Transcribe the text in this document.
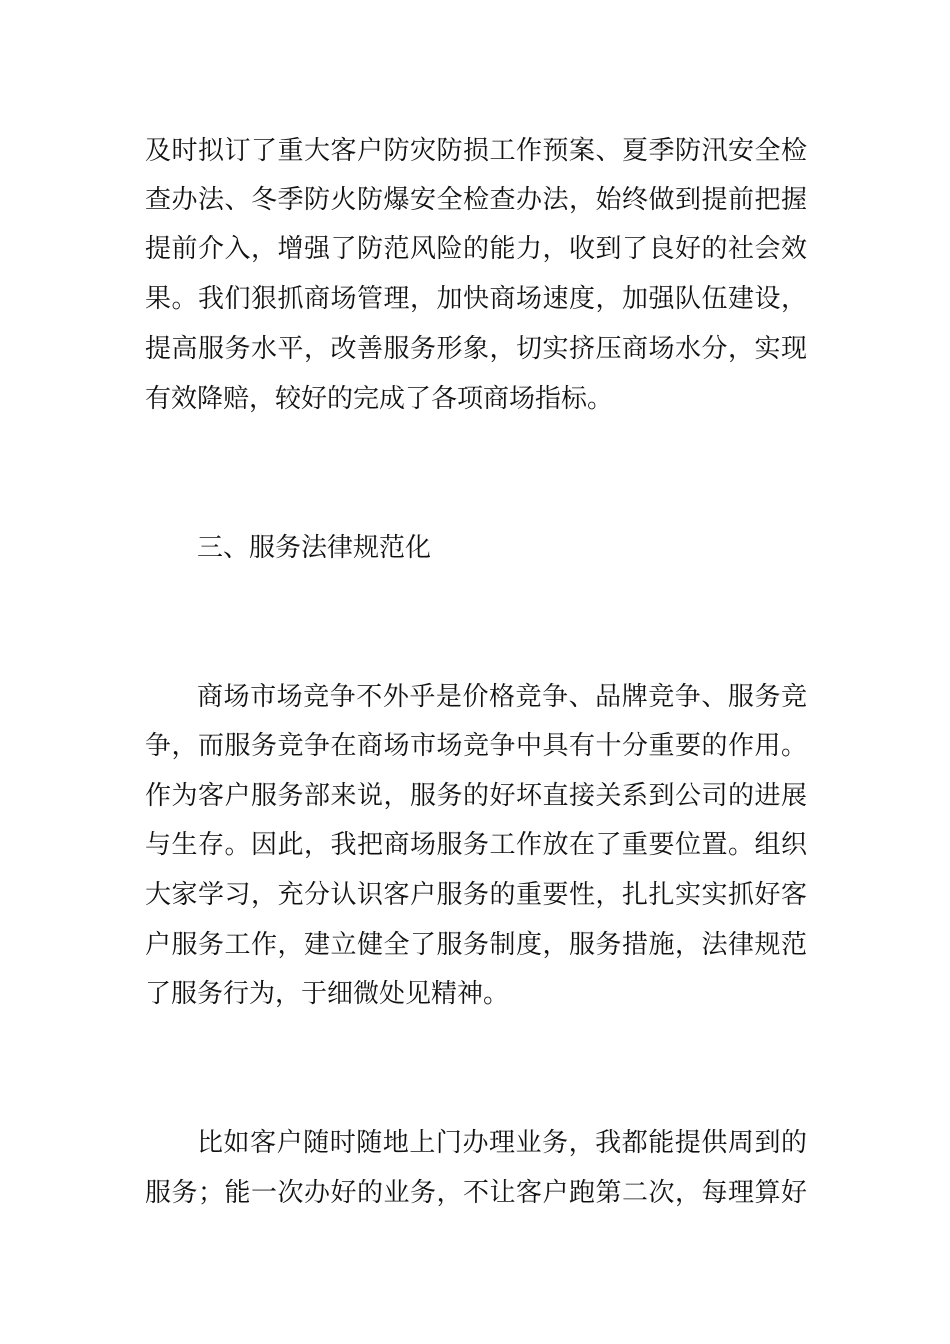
及时拟订了重大客户防灾防损工作预案、夏季防汛安全检
查办法、冬季防火防爆安全检查办法，始终做到提前把握
提前介入，增强了防范风险的能力，收到了良好的社会效
果。我们狠抓商场管理，加快商场速度，加强队伍建设，
提高服务水平，改善服务形象，切实挤压商场水分，实现
有效降赔，较好的完成了各项商场指标。
三、服务法律规范化
商场市场竞争不外乎是价格竞争、品牌竞争、服务竞
争，而服务竞争在商场市场竞争中具有十分重要的作用。
作为客户服务部来说，服务的好坏直接关系到公司的进展
与生存。因此，我把商场服务工作放在了重要位置。组织
大家学习，充分认识客户服务的重要性，扎扎实实抓好客
户服务工作，建立健全了服务制度，服务措施，法律规范
了服务行为，于细微处见精神。
比如客户随时随地上门办理业务，我都能提供周到的
服务；能一次办好的业务，不让客户跑第二次，每理算好
